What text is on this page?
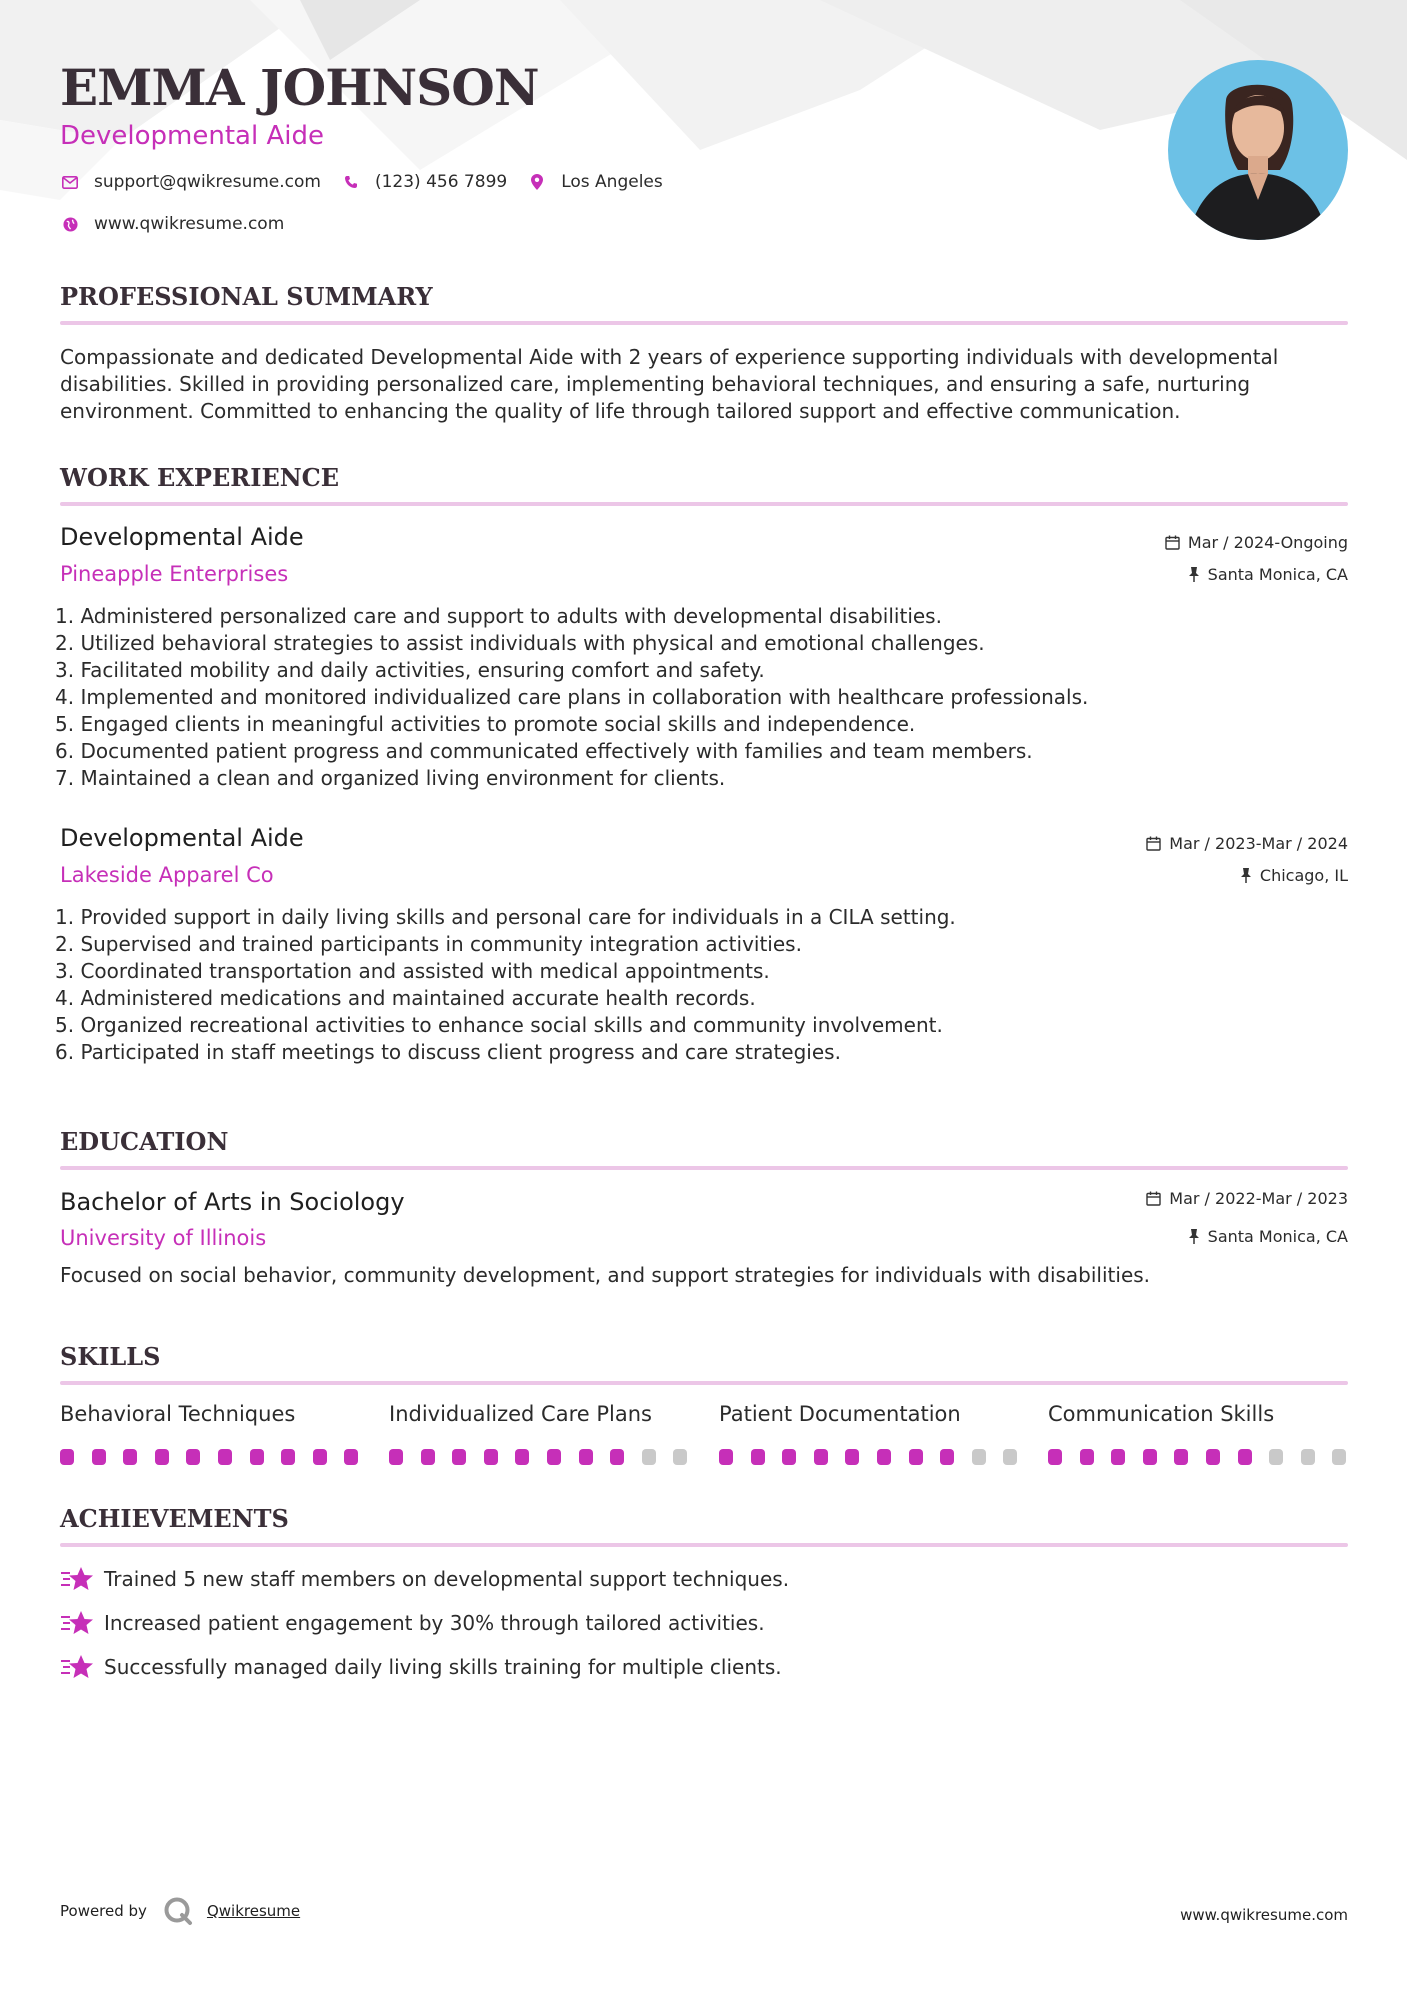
EMMA JOHNSON
Developmental Aide
support@qwikresume.com	(123) 456 7899	Los Angeles
www.qwikresume.com
PROFESSIONAL SUMMARY
Compassionate and dedicated Developmental Aide with 2 years of experience supporting individuals with developmental
disabilities. Skilled in providing personalized care, implementing behavioral techniques, and ensuring a safe, nurturing
environment. Committed to enhancing the quality of life through tailored support and effective communication.
WORK EXPERIENCE
Developmental Aide
Pineapple Enterprises
Mar / 2024-Ongoing
Santa Monica, CA
1. Administered personalized care and support to adults with developmental disabilities.
2. Utilized behavioral strategies to assist individuals with physical and emotional challenges.
3. Facilitated mobility and daily activities, ensuring comfort and safety.
4. Implemented and monitored individualized care plans in collaboration with healthcare professionals.
5. Engaged clients in meaningful activities to promote social skills and independence.
6. Documented patient progress and communicated effectively with families and team members.
7. Maintained a clean and organized living environment for clients.
Developmental Aide
Lakeside Apparel Co
Mar / 2023-Mar / 2024
Chicago, IL
1. Provided support in daily living skills and personal care for individuals in a CILA setting.
2. Supervised and trained participants in community integration activities.
3. Coordinated transportation and assisted with medical appointments.
4. Administered medications and maintained accurate health records.
5. Organized recreational activities to enhance social skills and community involvement.
6. Participated in staff meetings to discuss client progress and care strategies.
EDUCATION
Bachelor of Arts in Sociology
University of Illinois
Mar / 2022-Mar / 2023
Santa Monica, CA
Focused on social behavior, community development, and support strategies for individuals with disabilities.
SKILLS
Behavioral Techniques	Individualized Care Plans	Patient Documentation	Communication Skills
ACHIEVEMENTS
Trained 5 new staff members on developmental support techniques.
Increased patient engagement by 30% through tailored activities.
Successfully managed daily living skills training for multiple clients.
Powered by	Qwikresume	www.qwikresume.com
